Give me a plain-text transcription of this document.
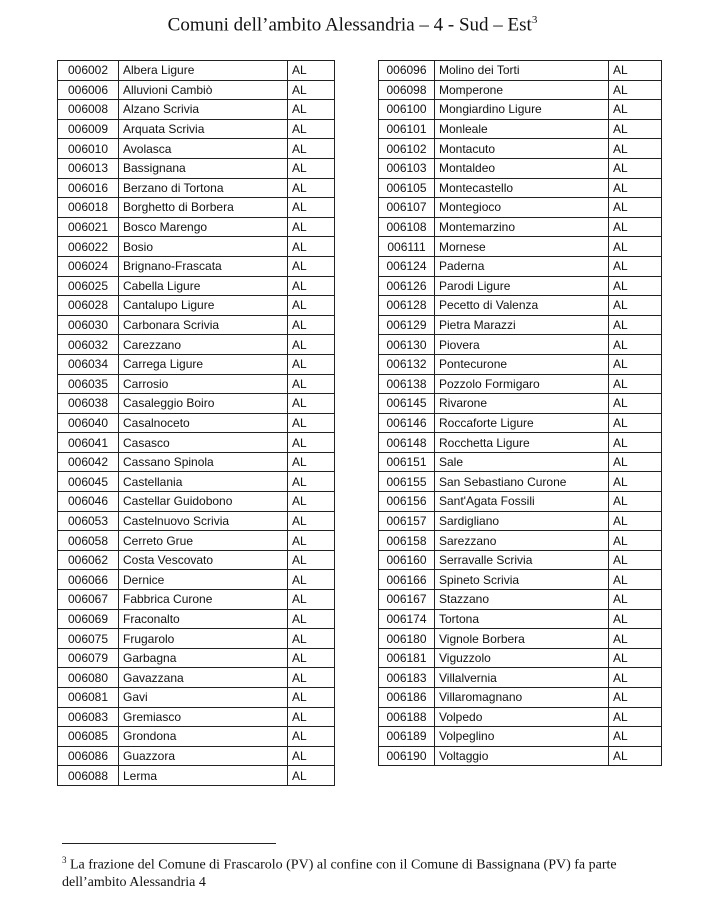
Comuni dell’ambito Alessandria – 4 - Sud – Est$^3$
006002	Albera Ligure	AL
006006	Alluvioni Cambiò	AL
006008	Alzano Scrivia	AL
006009	Arquata Scrivia	AL
006010	Avolasca	AL
006013	Bassignana	AL
006016	Berzano di Tortona	AL
006018	Borghetto di Borbera	AL
006021	Bosco Marengo	AL
006022	Bosio	AL
006024	Brignano-Frascata	AL
006025	Cabella Ligure	AL
006028	Cantalupo Ligure	AL
006030	Carbonara Scrivia	AL
006032	Carezzano	AL
006034	Carrega Ligure	AL
006035	Carrosio	AL
006038	Casaleggio Boiro	AL
006040	Casalnoceto	AL
006041	Casasco	AL
006042	Cassano Spinola	AL
006045	Castellania	AL
006046	Castellar Guidobono	AL
006053	Castelnuovo Scrivia	AL
006058	Cerreto Grue	AL
006062	Costa Vescovato	AL
006066	Dernice	AL
006067	Fabbrica Curone	AL
006069	Fraconalto	AL
006075	Frugarolo	AL
006079	Garbagna	AL
006080	Gavazzana	AL
006081	Gavi	AL
006083	Gremiasco	AL
006085	Grondona	AL
006086	Guazzora	AL
006088	Lerma	AL
006096	Molino dei Torti	AL
006098	Momperone	AL
006100	Mongiardino Ligure	AL
006101	Monleale	AL
006102	Montacuto	AL
006103	Montaldeo	AL
006105	Montecastello	AL
006107	Montegioco	AL
006108	Montemarzino	AL
006111	Mornese	AL
006124	Paderna	AL
006126	Parodi Ligure	AL
006128	Pecetto di Valenza	AL
006129	Pietra Marazzi	AL
006130	Piovera	AL
006132	Pontecurone	AL
006138	Pozzolo Formigaro	AL
006145	Rivarone	AL
006146	Roccaforte Ligure	AL
006148	Rocchetta Ligure	AL
006151	Sale	AL
006155	San Sebastiano Curone	AL
006156	Sant'Agata Fossili	AL
006157	Sardigliano	AL
006158	Sarezzano	AL
006160	Serravalle Scrivia	AL
006166	Spineto Scrivia	AL
006167	Stazzano	AL
006174	Tortona	AL
006180	Vignole Borbera	AL
006181	Viguzzolo	AL
006183	Villalvernia	AL
006186	Villaromagnano	AL
006188	Volpedo	AL
006189	Volpeglino	AL
006190	Voltaggio	AL
$^3$ La frazione del Comune di Frascarolo (PV) al confine con il Comune di Bassignana (PV) fa parte dell’ambito Alessandria 4
